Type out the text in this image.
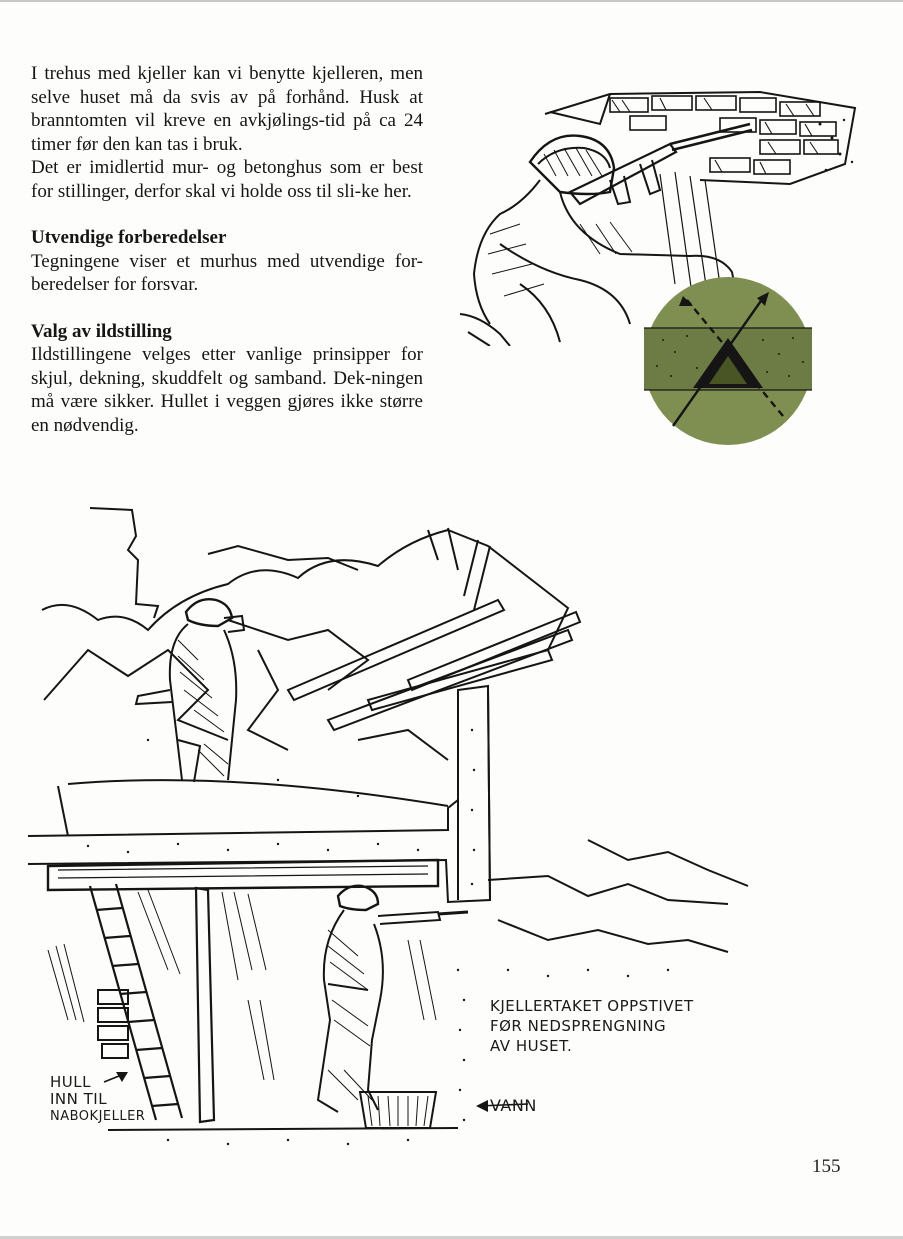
I trehus med kjeller kan vi benytte kjelleren, men selve huset må da svis av på forhånd. Husk at branntomten vil kreve en avkjølings-tid på ca 24 timer før den kan tas i bruk.

Det er imidlertid mur- og betonghus som er best for stillinger, derfor skal vi holde oss til sli-ke her.

Utvendige forberedelser

Tegningene viser et murhus med utvendige for-beredelser for forsvar.

Valg av ildstilling

Ildstillingene velges etter vanlige prinsipper for skjul, dekning, skuddfelt og samband. Dek-ningen må være sikker. Hullet i veggen gjøres ikke større en nødvendig.

HULL
INN TIL
NABOKJELLER
KJELLERTAKET OPPSTIVET
FØR NEDSPRENGNING
AV HUSET.
VANN
155
